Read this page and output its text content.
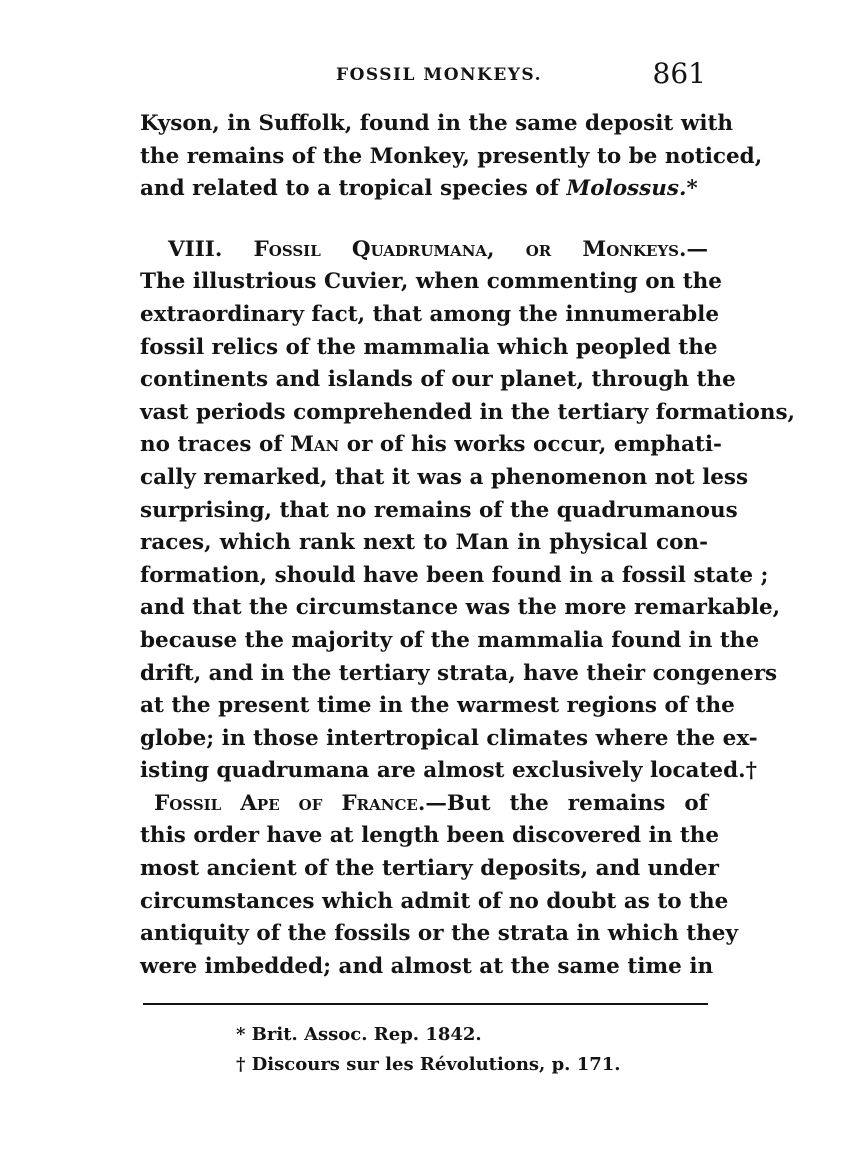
FOSSIL MONKEYS.	861
Kyson, in Suffolk, found in the same deposit with
the remains of the Monkey, presently to be noticed,
and related to a tropical species of Molossus.*
VIII. Fossil Quadrumana, or Monkeys.—
The illustrious Cuvier, when commenting on the
extraordinary fact, that among the innumerable
fossil relics of the mammalia which peopled the
continents and islands of our planet, through the
vast periods comprehended in the tertiary formations,
no traces of Man or of his works occur, emphati-
cally remarked, that it was a phenomenon not less
surprising, that no remains of the quadrumanous
races, which rank next to Man in physical con-
formation, should have been found in a fossil state ;
and that the circumstance was the more remarkable,
because the majority of the mammalia found in the
drift, and in the tertiary strata, have their congeners
at the present time in the warmest regions of the
globe; in those intertropical climates where the ex-
isting quadrumana are almost exclusively located.†
Fossil Ape of France.—But the remains of
this order have at length been discovered in the
most ancient of the tertiary deposits, and under
circumstances which admit of no doubt as to the
antiquity of the fossils or the strata in which they
were imbedded; and almost at the same time in
* Brit. Assoc. Rep. 1842.
† Discours sur les Révolutions, p. 171.
